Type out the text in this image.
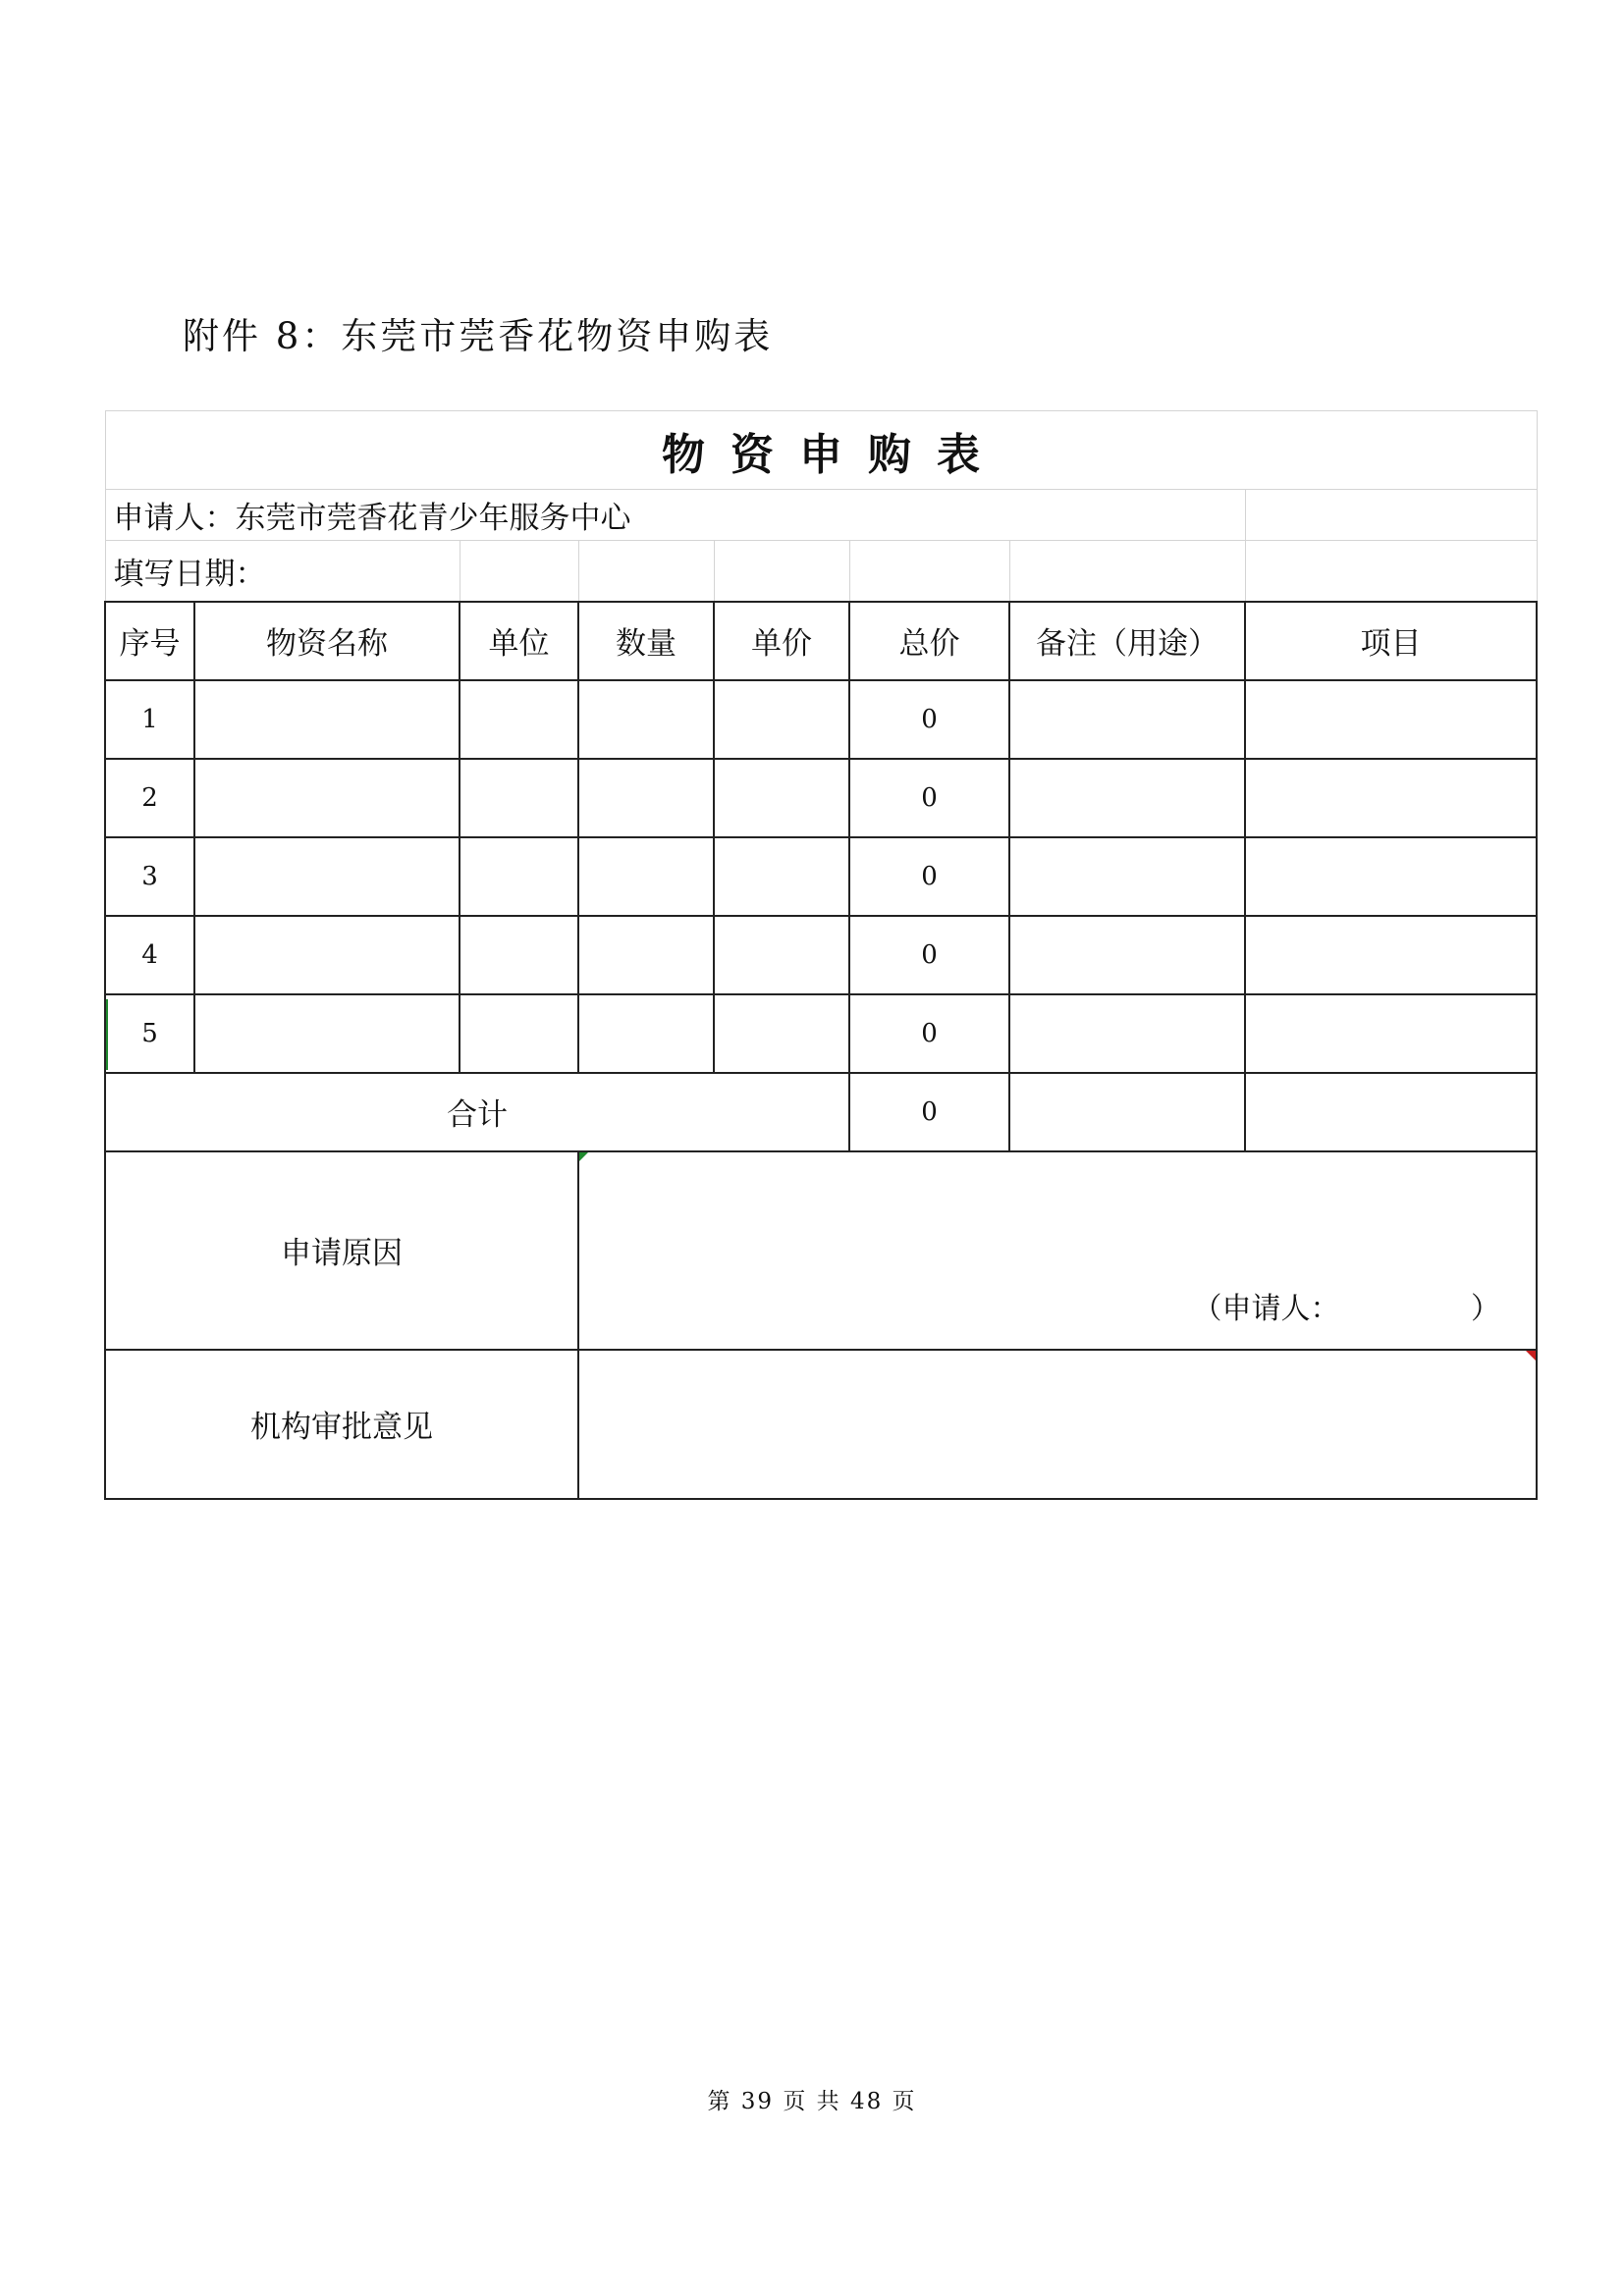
附件 8：东莞市莞香花物资申购表
物资申购表							
申请人：东莞市莞香花青少年服务中心							
填写日期：							
序号	物资名称	单位	数量	单价	总价	备注（用途）	项目
1					0		
2					0		
3					0		
4					0		

5					0		
合计					0		
申请原因			（申请人：              ）				

机构审批意见							
第 39 页 共 48 页
